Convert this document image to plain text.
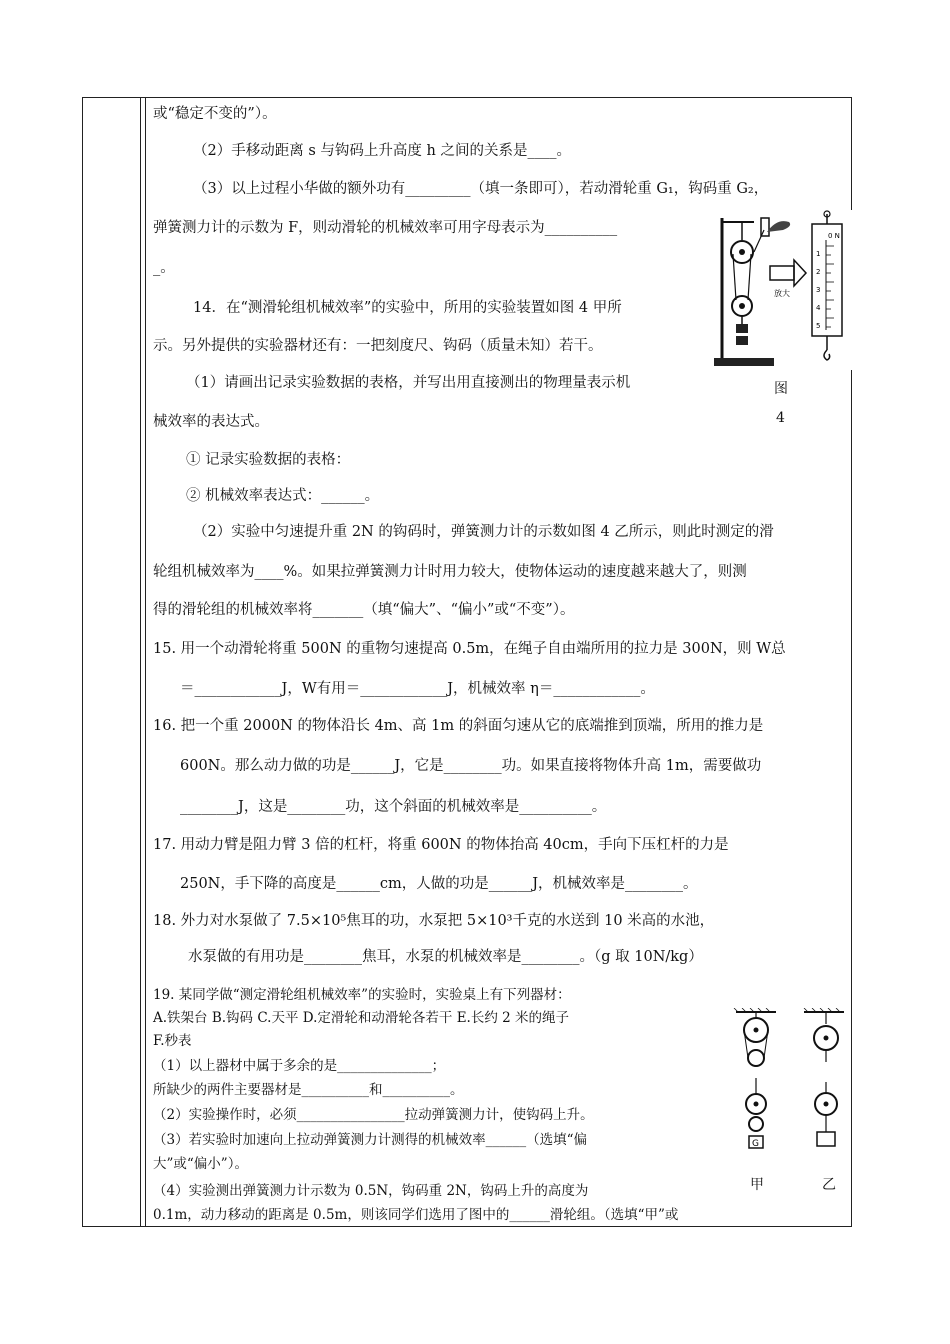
或“稳定不变的”）。
（2）手移动距离 s 与钩码上升高度 h 之间的关系是____。
（3）以上过程小华做的额外功有_________（填一条即可），若动滑轮重 G₁，钩码重 G₂，
弹簧测力计的示数为 F，则动滑轮的机械效率可用字母表示为__________
_。
14．在“测滑轮组机械效率”的实验中，所用的实验装置如图 4 甲所
示。另外提供的实验器材还有：一把刻度尺、钩码（质量未知）若干。
（1）请画出记录实验数据的表格，并写出用直接测出的物理量表示机
械效率的表达式。
① 记录实验数据的表格：
② 机械效率表达式：______。
（2）实验中匀速提升重 2N 的钩码时，弹簧测力计的示数如图 4 乙所示，则此时测定的滑
轮组机械效率为____%。如果拉弹簧测力计时用力较大，使物体运动的速度越来越大了，则测
得的滑轮组的机械效率将_______（填“偏大”、“偏小”或“不变”）。
15. 用一个动滑轮将重 500N 的重物匀速提高 0.5m，在绳子自由端所用的拉力是 300N，则 W总
＝____________J，W有用＝____________J，机械效率 η＝____________。
16. 把一个重 2000N 的物体沿长 4m、高 1m 的斜面匀速从它的底端推到顶端，所用的推力是
600N。那么动力做的功是______J，它是________功。如果直接将物体升高 1m，需要做功
________J，这是________功，这个斜面的机械效率是__________。
17. 用动力臂是阻力臂 3 倍的杠杆，将重 600N 的物体抬高 40cm，手向下压杠杆的力是
250N，手下降的高度是______cm，人做的功是______J，机械效率是________。
18. 外力对水泵做了 7.5×10⁵焦耳的功，水泵把 5×10³千克的水送到 10 米高的水池，
水泵做的有用功是________焦耳，水泵的机械效率是________。（g 取 10N/kg）
19. 某同学做“测定滑轮组机械效率”的实验时，实验桌上有下列器材：
A.铁架台 B.钩码 C.天平 D.定滑轮和动滑轮各若干 E.长约 2 米的绳子
F.秒表
（1）以上器材中属于多余的是______________；
所缺少的两件主要器材是__________和__________。
（2）实验操作时，必须________________拉动弹簧测力计，使钩码上升。
（3）若实验时加速向上拉动弹簧测力计测得的机械效率______（选填“偏
大”或“偏小”）。
（4）实验测出弹簧测力计示数为 0.5N，钩码重 2N，钩码上升的高度为
0.1m，动力移动的距离是 0.5m，则该同学们选用了图中的______滑轮组。（选填“甲”或
放大
0 N
1
2
3
4
5
图
4
G
甲	乙
